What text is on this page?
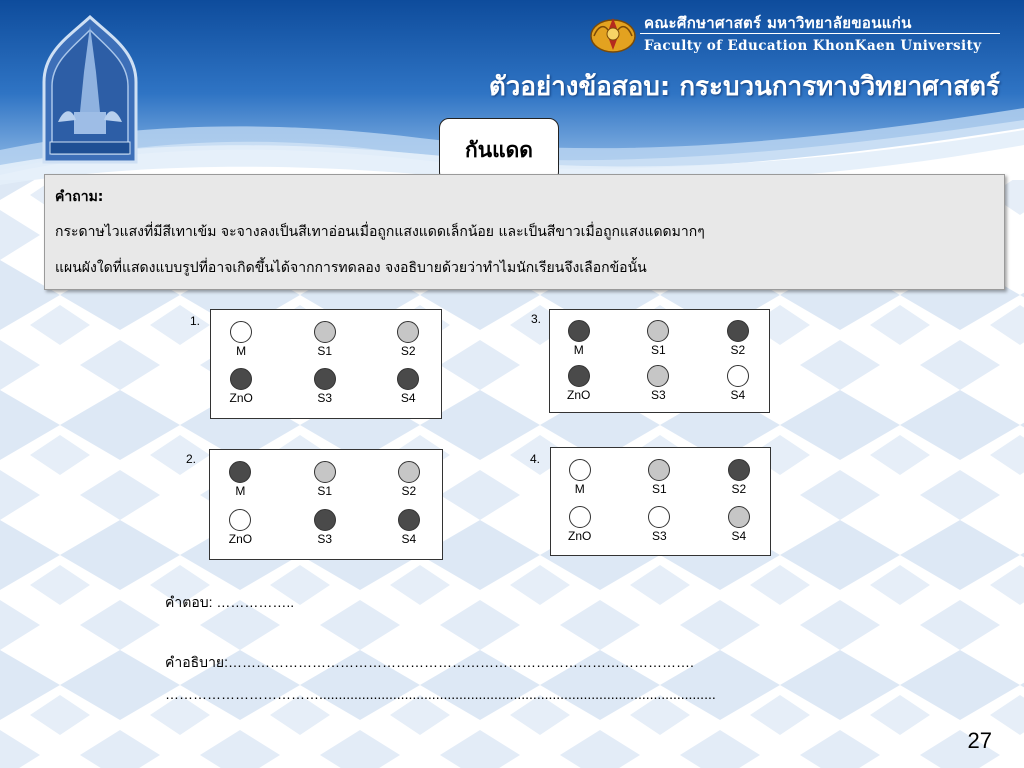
คณะศึกษาศาสตร์ มหาวิทยาลัยขอนแก่น
Faculty of Education KhonKaen University
ตัวอย่างข้อสอบ: กระบวนการทางวิทยาศาสตร์
กันแดด
คำถาม:
กระดาษไวแสงที่มีสีเทาเข้ม จะจางลงเป็นสีเทาอ่อนเมื่อถูกแสงแดดเล็กน้อย และเป็นสีขาวเมื่อถูกแสงแดดมากๆ
แผนผังใดที่แสดงแบบรูปที่อาจเกิดขึ้นได้จากการทดลอง จงอธิบายด้วยว่าทำไมนักเรียนจึงเลือกข้อนั้น
1.
M	S1	S2
ZnO	S3	S4
2.
M	S1	S2
ZnO	S3	S4
3.
M	S1	S2
ZnO	S3	S4
4.
M	S1	S2
ZnO	S3	S4
คำตอบ: ……………..
คำอธิบาย:……………………………………………………………………………………….
……………………………......................................................................................................
27
